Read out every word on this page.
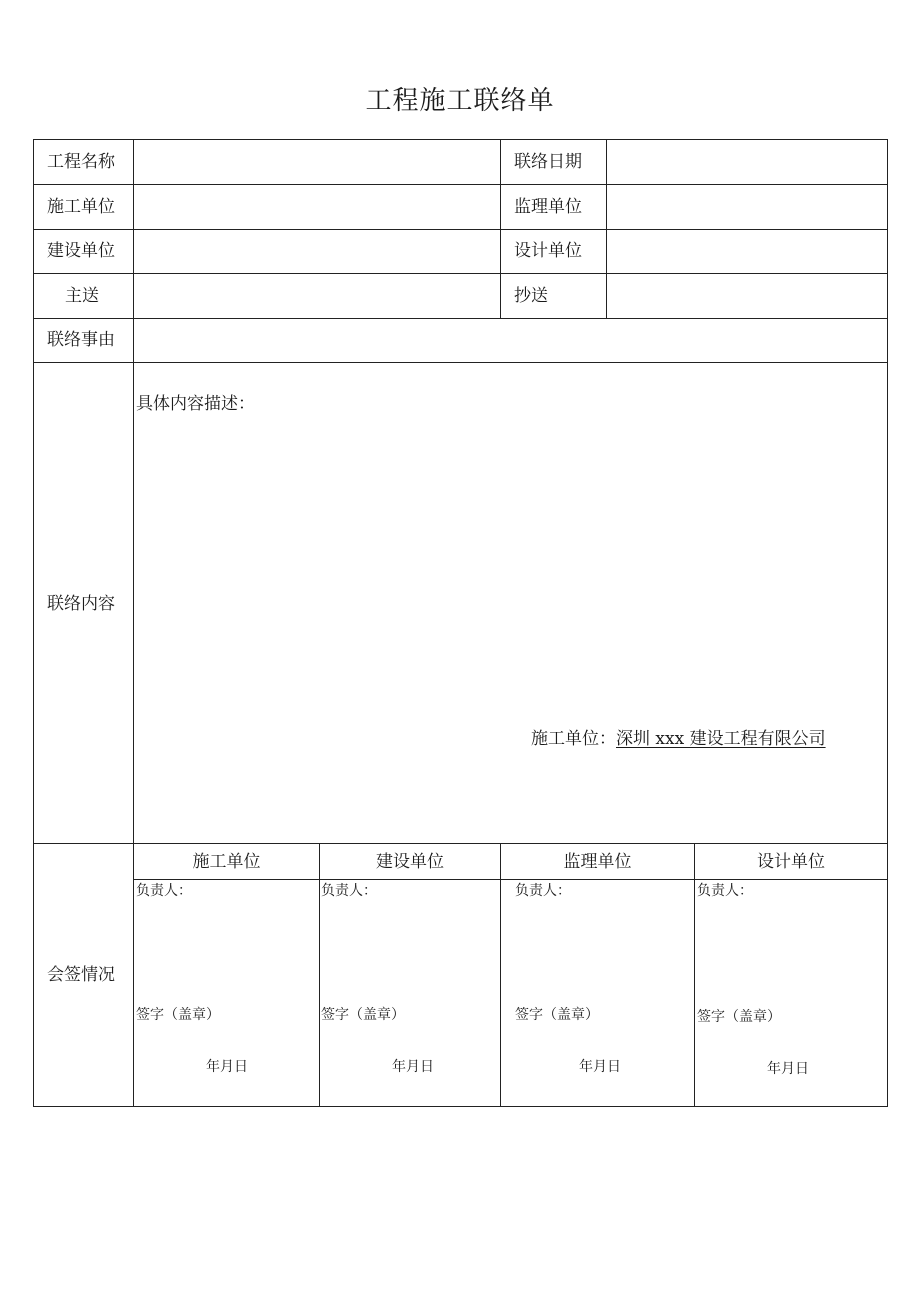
工程施工联络单
工程名称	联络日期
施工单位	监理单位
建设单位	设计单位
主送	抄送
联络事由
联络内容
具体内容描述：
施工单位：深圳 xxx 建设工程有限公司
会签情况
施工单位	建设单位	监理单位	设计单位
负责人：	负责人：	负责人：	负责人：
签字（盖章）	签字（盖章）	签字（盖章）	签字（盖章）
年月日	年月日	年月日	年月日
